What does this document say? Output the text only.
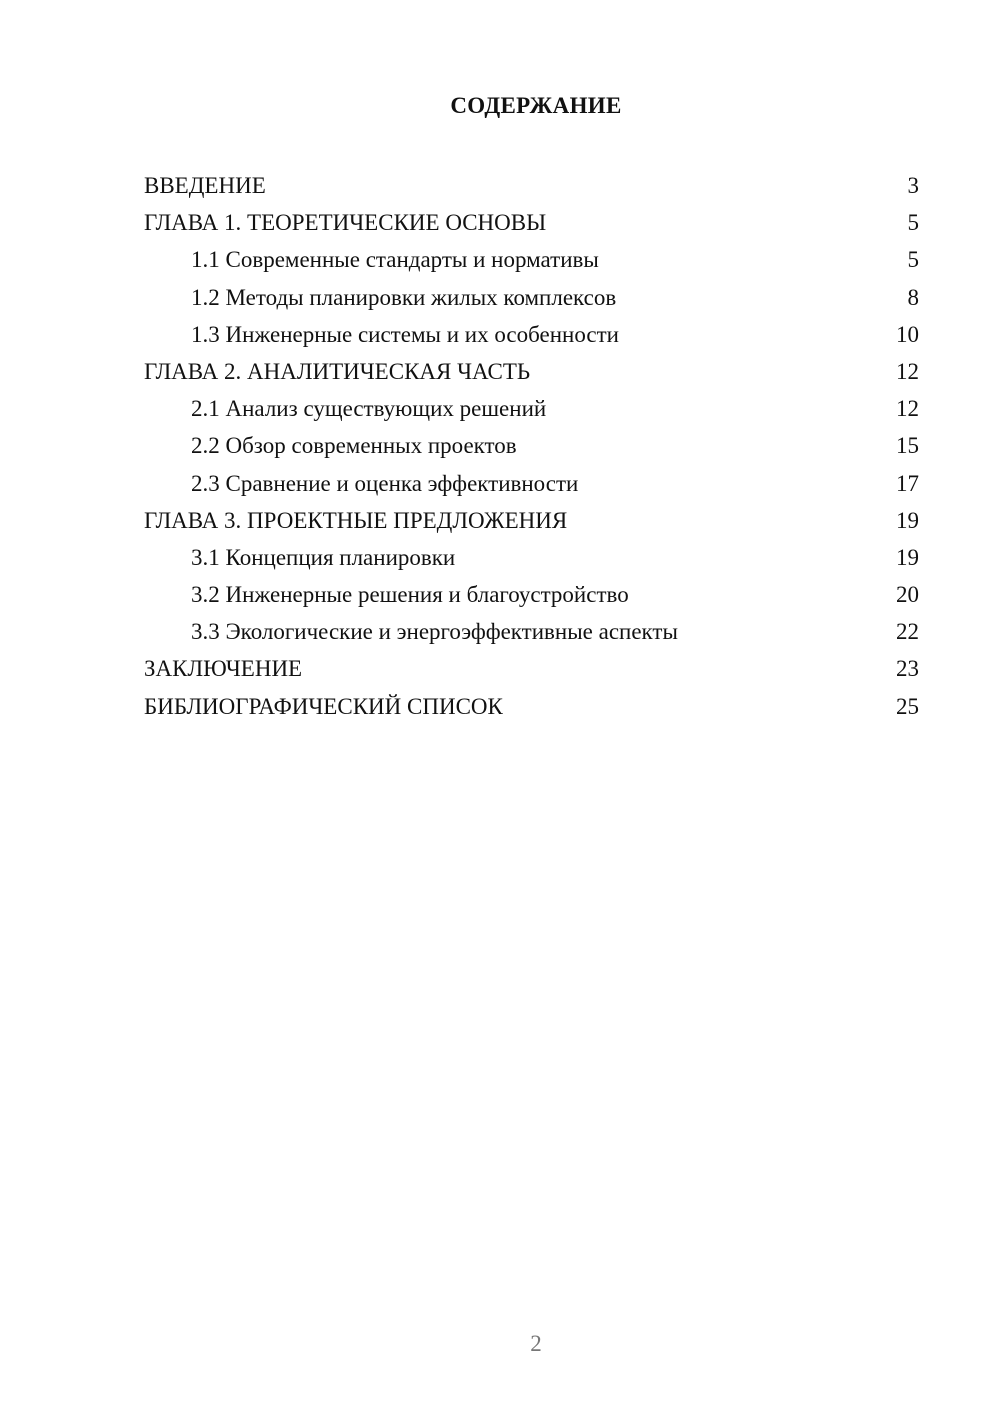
СОДЕРЖАНИЕ
ВВЕДЕНИЕ	3
ГЛАВА 1. ТЕОРЕТИЧЕСКИЕ ОСНОВЫ	5
1.1 Современные стандарты и нормативы	5
1.2 Методы планировки жилых комплексов	8
1.3 Инженерные системы и их особенности	10
ГЛАВА 2. АНАЛИТИЧЕСКАЯ ЧАСТЬ	12
2.1 Анализ существующих решений	12
2.2 Обзор современных проектов	15
2.3 Сравнение и оценка эффективности	17
ГЛАВА 3. ПРОЕКТНЫЕ ПРЕДЛОЖЕНИЯ	19
3.1 Концепция планировки	19
3.2 Инженерные решения и благоустройство	20
3.3 Экологические и энергоэффективные аспекты	22
ЗАКЛЮЧЕНИЕ	23
БИБЛИОГРАФИЧЕСКИЙ СПИСОК	25
2
